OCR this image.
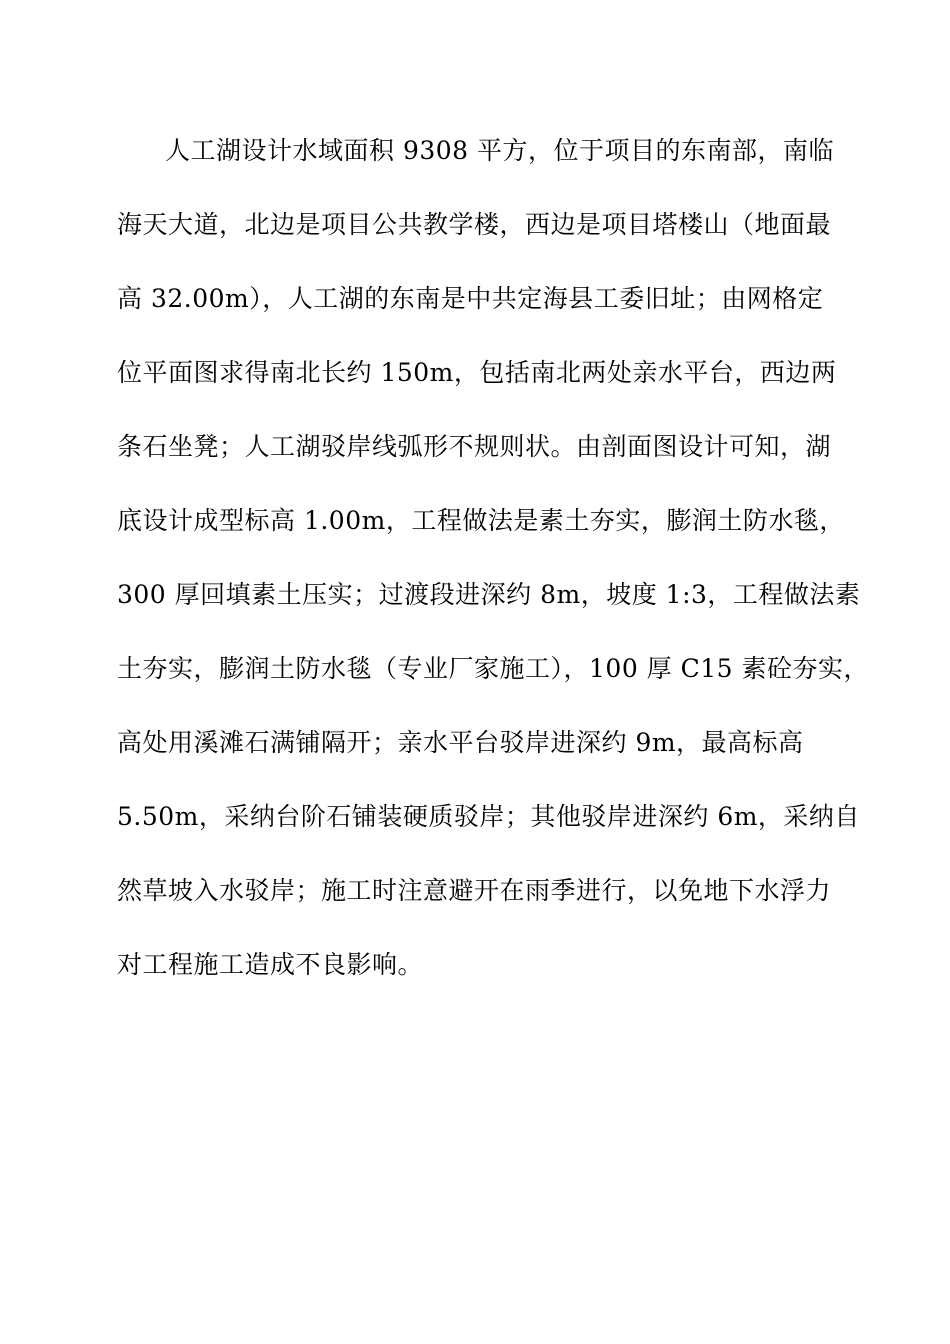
人工湖设计水域面积 9308 平方，位于项目的东南部，南临
海天大道，北边是项目公共教学楼，西边是项目塔楼山（地面最
高 32.00m），人工湖的东南是中共定海县工委旧址；由网格定
位平面图求得南北长约 150m，包括南北两处亲水平台，西边两
条石坐凳；人工湖驳岸线弧形不规则状。由剖面图设计可知，湖
底设计成型标高 1.00m，工程做法是素土夯实，膨润土防水毯，
300 厚回填素土压实；过渡段进深约 8m，坡度 1:3，工程做法素
土夯实，膨润土防水毯（专业厂家施工），100 厚 C15 素砼夯实，
高处用溪滩石满铺隔开；亲水平台驳岸进深约 9m，最高标高
5.50m，采纳台阶石铺装硬质驳岸；其他驳岸进深约 6m，采纳自
然草坡入水驳岸；施工时注意避开在雨季进行，以免地下水浮力
对工程施工造成不良影响。
